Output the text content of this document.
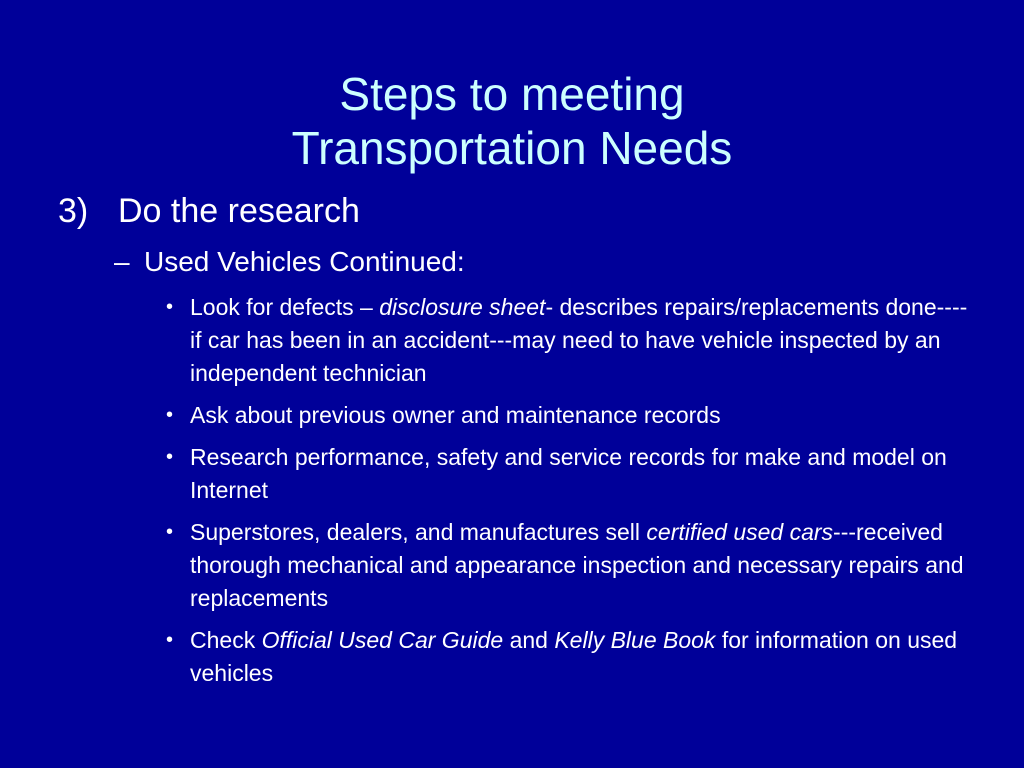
Steps to meeting
Transportation Needs
3) Do the research
– Used Vehicles Continued:
• Look for defects – disclosure sheet- describes repairs/replacements done----if car has been in an accident---may need to have vehicle inspected by an independent technician
• Ask about previous owner and maintenance records
• Research performance, safety and service records for make and model on Internet
• Superstores, dealers, and manufactures sell certified used cars---received thorough mechanical and appearance inspection and necessary repairs and replacements
• Check Official Used Car Guide and Kelly Blue Book for information on used vehicles
